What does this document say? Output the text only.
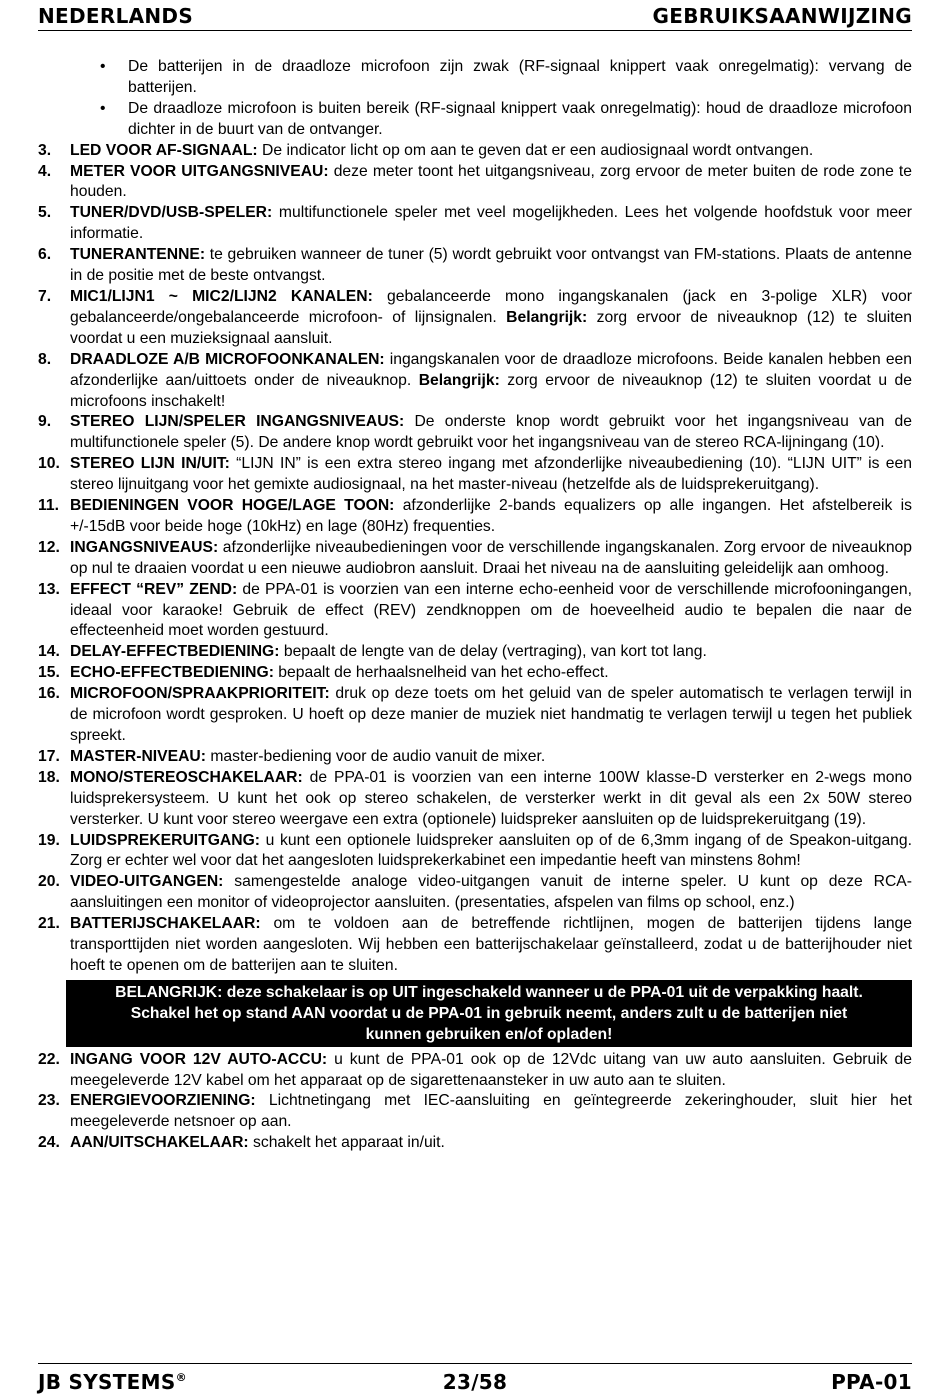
NEDERLANDS	GEBRUIKSAANWIJZING
• De batterijen in de draadloze microfoon zijn zwak (RF-signaal knippert vaak onregelmatig): vervang de batterijen.
• De draadloze microfoon is buiten bereik (RF-signaal knippert vaak onregelmatig): houd de draadloze microfoon dichter in de buurt van de ontvanger.
3. LED VOOR AF-SIGNAAL: De indicator licht op om aan te geven dat er een audiosignaal wordt ontvangen.
4. METER VOOR UITGANGSNIVEAU: deze meter toont het uitgangsniveau, zorg ervoor de meter buiten de rode zone te houden.
5. TUNER/DVD/USB-SPELER: multifunctionele speler met veel mogelijkheden. Lees het volgende hoofdstuk voor meer informatie.
6. TUNERANTENNE: te gebruiken wanneer de tuner (5) wordt gebruikt voor ontvangst van FM-stations. Plaats de antenne in de positie met de beste ontvangst.
7. MIC1/LIJN1 ~ MIC2/LIJN2 KANALEN: gebalanceerde mono ingangskanalen (jack en 3-polige XLR) voor gebalanceerde/ongebalanceerde microfoon- of lijnsignalen. Belangrijk: zorg ervoor de niveauknop (12) te sluiten voordat u een muzieksignaal aansluit.
8. DRAADLOZE A/B MICROFOONKANALEN: ingangskanalen voor de draadloze microfoons. Beide kanalen hebben een afzonderlijke aan/uittoets onder de niveauknop. Belangrijk: zorg ervoor de niveauknop (12) te sluiten voordat u de microfoons inschakelt!
9. STEREO LIJN/SPELER INGANGSNIVEAUS: De onderste knop wordt gebruikt voor het ingangsniveau van de multifunctionele speler (5). De andere knop wordt gebruikt voor het ingangsniveau van de stereo RCA-lijningang (10).
10. STEREO LIJN IN/UIT: “LIJN IN” is een extra stereo ingang met afzonderlijke niveaubediening (10). “LIJN UIT” is een stereo lijnuitgang voor het gemixte audiosignaal, na het master-niveau (hetzelfde als de luidsprekeruitgang).
11. BEDIENINGEN VOOR HOGE/LAGE TOON: afzonderlijke 2-bands equalizers op alle ingangen. Het afstelbereik is +/-15dB voor beide hoge (10kHz) en lage (80Hz) frequenties.
12. INGANGSNIVEAUS: afzonderlijke niveaubedieningen voor de verschillende ingangskanalen. Zorg ervoor de niveauknop op nul te draaien voordat u een nieuwe audiobron aansluit. Draai het niveau na de aansluiting geleidelijk aan omhoog.
13. EFFECT “REV” ZEND: de PPA-01 is voorzien van een interne echo-eenheid voor de verschillende microfooningangen, ideaal voor karaoke! Gebruik de effect (REV) zendknoppen om de hoeveelheid audio te bepalen die naar de effecteenheid moet worden gestuurd.
14. DELAY-EFFECTBEDIENING: bepaalt de lengte van de delay (vertraging), van kort tot lang.
15. ECHO-EFFECTBEDIENING: bepaalt de herhaalsnelheid van het echo-effect.
16. MICROFOON/SPRAAKPRIORITEIT: druk op deze toets om het geluid van de speler automatisch te verlagen terwijl in de microfoon wordt gesproken. U hoeft op deze manier de muziek niet handmatig te verlagen terwijl u tegen het publiek spreekt.
17. MASTER-NIVEAU: master-bediening voor de audio vanuit de mixer.
18. MONO/STEREOSCHAKELAAR: de PPA-01 is voorzien van een interne 100W klasse-D versterker en 2-wegs mono luidsprekersysteem. U kunt het ook op stereo schakelen, de versterker werkt in dit geval als een 2x 50W stereo versterker. U kunt voor stereo weergave een extra (optionele) luidspreker aansluiten op de luidsprekeruitgang (19).
19. LUIDSPREKERUITGANG: u kunt een optionele luidspreker aansluiten op of de 6,3mm ingang of de Speakon-uitgang. Zorg er echter wel voor dat het aangesloten luidsprekerkabinet een impedantie heeft van minstens 8ohm!
20. VIDEO-UITGANGEN: samengestelde analoge video-uitgangen vanuit de interne speler. U kunt op deze RCA-aansluitingen een monitor of videoprojector aansluiten. (presentaties, afspelen van films op school, enz.)
21. BATTERIJSCHAKELAAR: om te voldoen aan de betreffende richtlijnen, mogen de batterijen tijdens lange transporttijden niet worden aangesloten. Wij hebben een batterijschakelaar geïnstalleerd, zodat u de batterijhouder niet hoeft te openen om de batterijen aan te sluiten.
BELANGRIJK: deze schakelaar is op UIT ingeschakeld wanneer u de PPA-01 uit de verpakking haalt. Schakel het op stand AAN voordat u de PPA-01 in gebruik neemt, anders zult u de batterijen niet kunnen gebruiken en/of opladen!
22. INGANG VOOR 12V AUTO-ACCU: u kunt de PPA-01 ook op de 12Vdc uitang van uw auto aansluiten. Gebruik de meegeleverde 12V kabel om het apparaat op de sigarettenaansteker in uw auto aan te sluiten.
23. ENERGIEVOORZIENING: Lichtnetingang met IEC-aansluiting en geïntegreerde zekeringhouder, sluit hier het meegeleverde netsnoer op aan.
24. AAN/UITSCHAKELAAR: schakelt het apparaat in/uit.
JB SYSTEMS®	23/58	PPA-01
